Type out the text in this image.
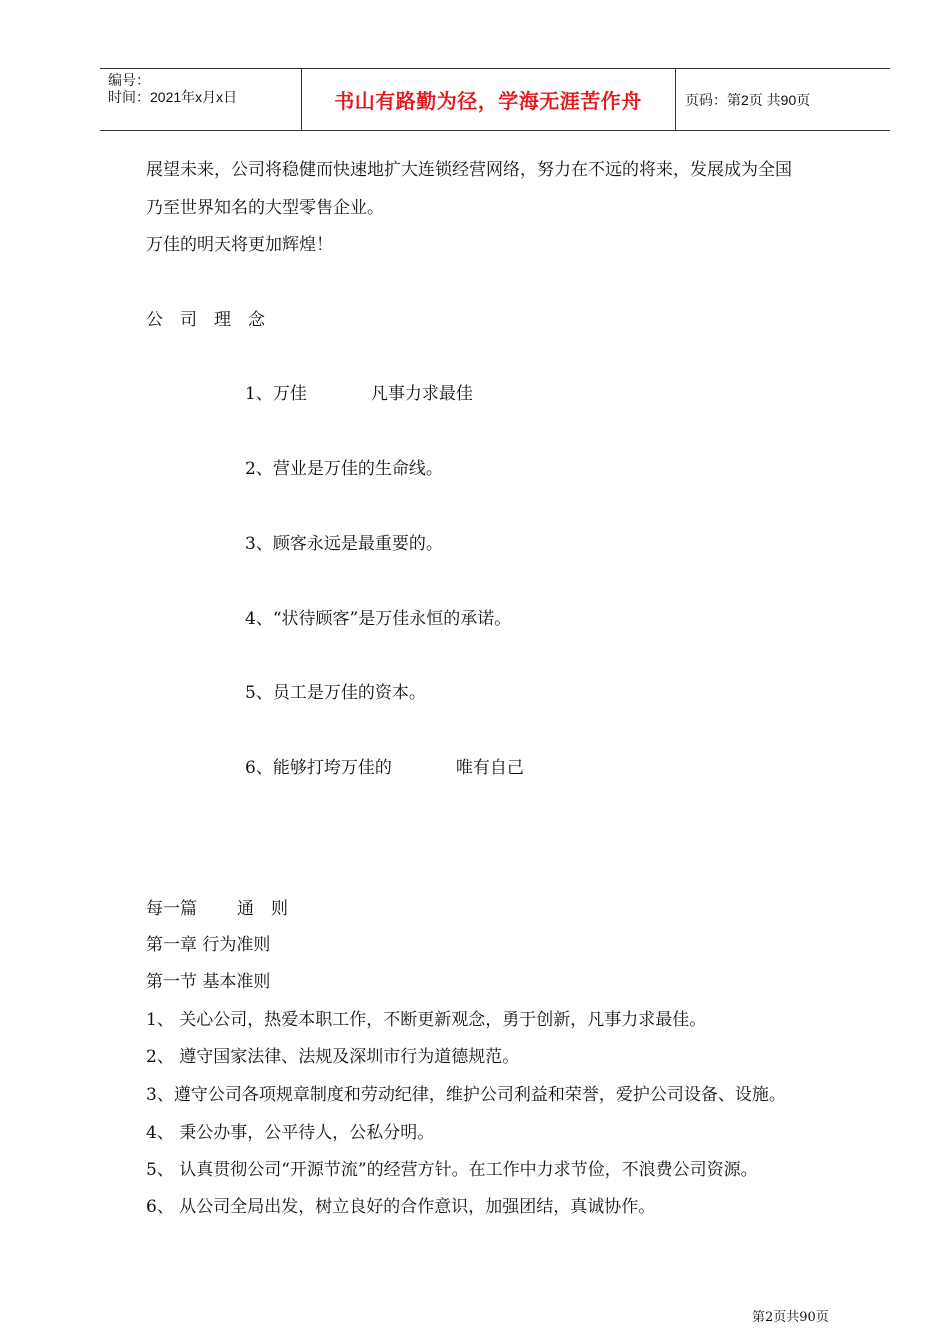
编号：
时间：2021年x月x日	书山有路勤为径，学海无涯苦作舟	页码：第2页 共90页
展望未来，公司将稳健而快速地扩大连锁经营网络，努力在不远的将来，发展成为全国
乃至世界知名的大型零售企业。
万佳的明天将更加辉煌！
公　司　理　念
1、万佳	凡事力求最佳
2、营业是万佳的生命线。
3、顾客永远是最重要的。
4、“状待顾客”是万佳永恒的承诺。
5、员工是万佳的资本。
6、能够打垮万佳的	唯有自己
每一篇 通　则
第一章 行为准则
第一节 基本准则
1、 关心公司，热爱本职工作，不断更新观念，勇于创新，凡事力求最佳。
2、 遵守国家法律、法规及深圳市行为道德规范。
3、遵守公司各项规章制度和劳动纪律，维护公司利益和荣誉，爱护公司设备、设施。
4、 秉公办事，公平待人，公私分明。
5、 认真贯彻公司“开源节流”的经营方针。在工作中力求节俭，不浪费公司资源。
6、 从公司全局出发，树立良好的合作意识，加强团结，真诚协作。
第2页共90页
